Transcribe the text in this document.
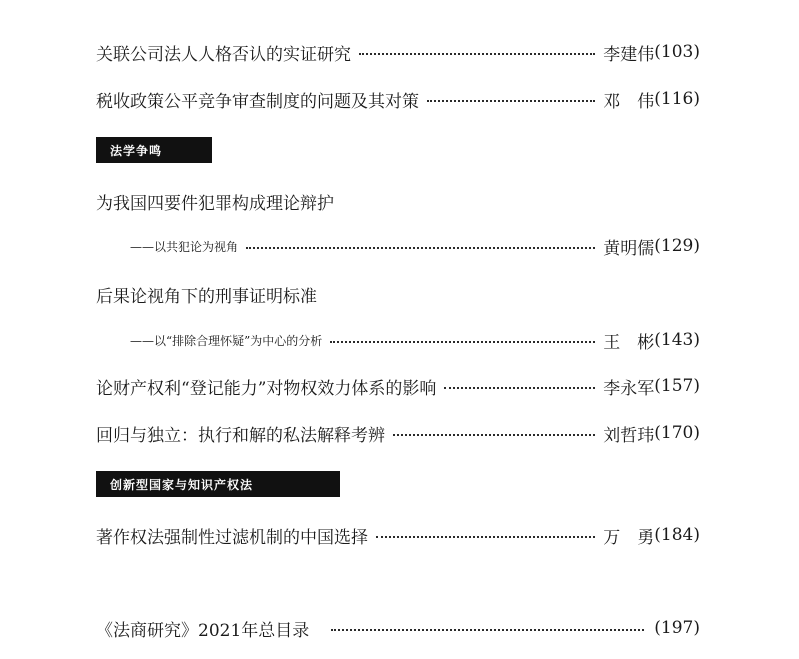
关联公司法人人格否认的实证研究	李建伟 (103)
税收政策公平竞争审查制度的问题及其对策	邓　伟 (116)
法学争鸣
为我国四要件犯罪构成理论辩护
——以共犯论为视角	黄明儒 (129)
后果论视角下的刑事证明标准
——以“排除合理怀疑”为中心的分析	王　彬 (143)
论财产权利“登记能力”对物权效力体系的影响	李永军 (157)
回归与独立：执行和解的私法解释考辨	刘哲玮 (170)
创新型国家与知识产权法
著作权法强制性过滤机制的中国选择	万　勇 (184)
《法商研究》2021年总目录	(197)
